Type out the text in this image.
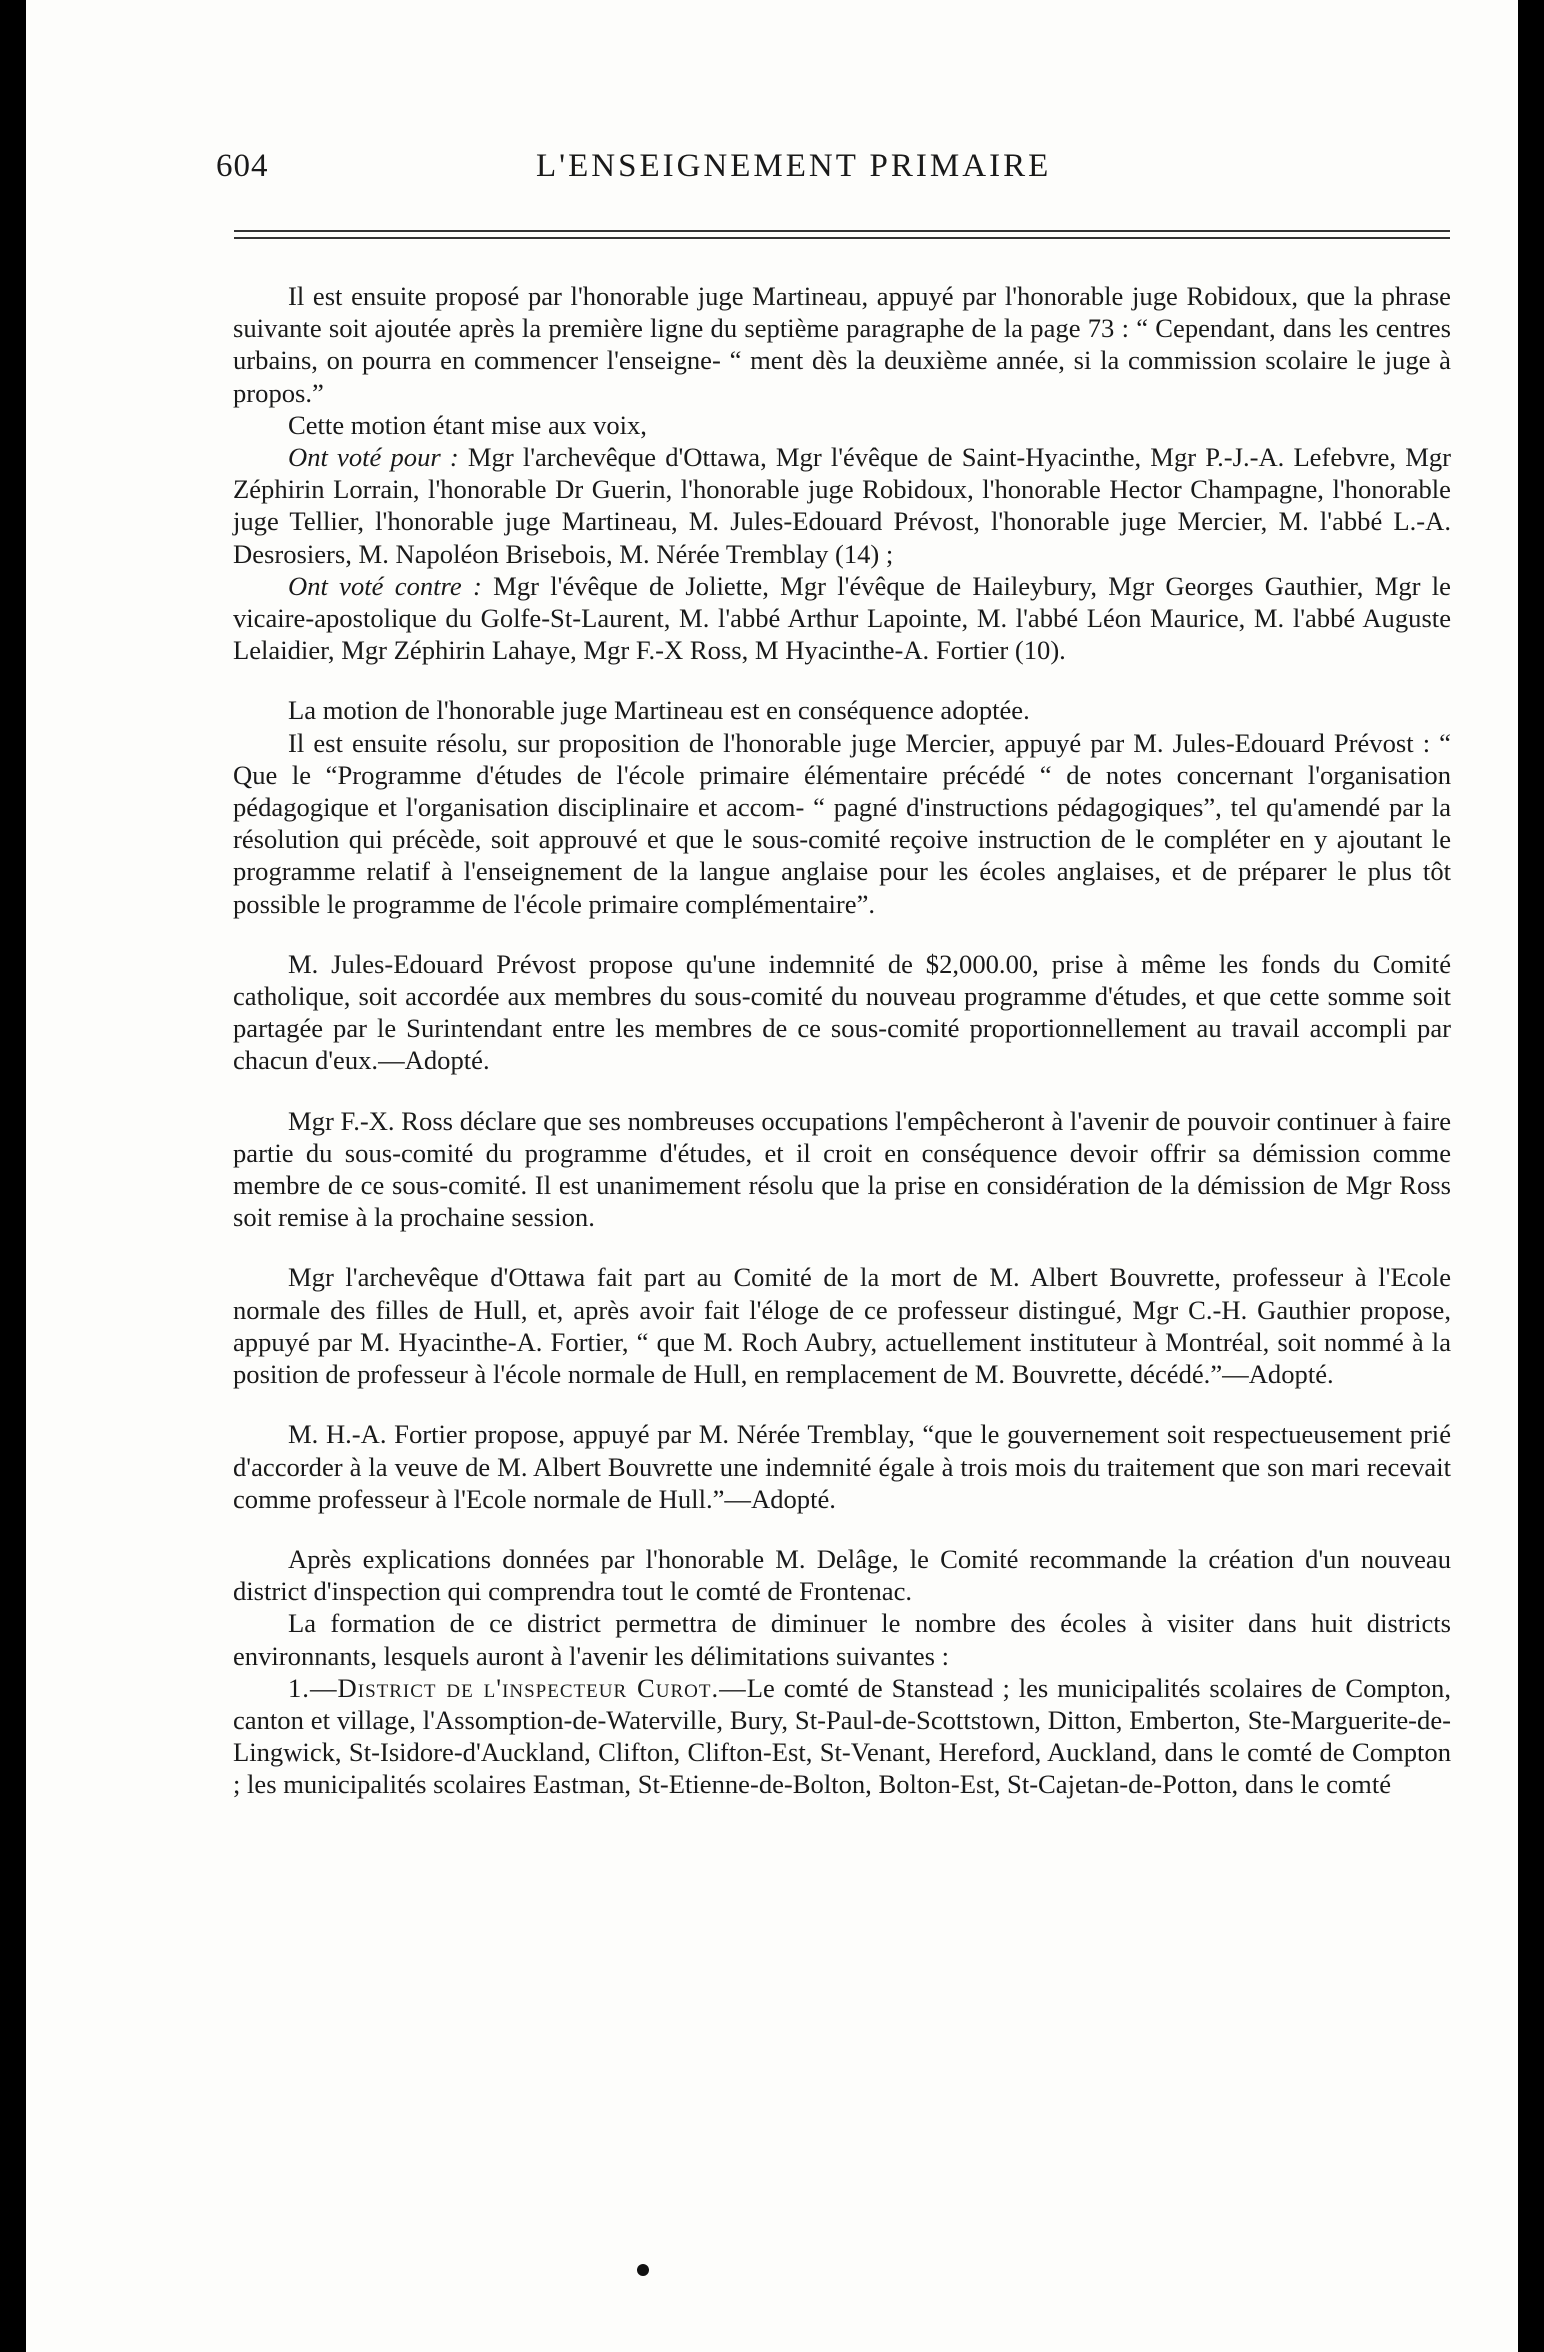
604	L'ENSEIGNEMENT PRIMAIRE

Il est ensuite proposé par l'honorable juge Martineau, appuyé par l'honorable juge Robidoux, que la phrase suivante soit ajoutée après la première ligne du septième paragraphe de la page 73 : “ Cependant, dans les centres urbains, on pourra en commencer l'enseigne- “ ment dès la deuxième année, si la commission scolaire le juge à propos.”

Cette motion étant mise aux voix,

Ont voté pour : Mgr l'archevêque d'Ottawa, Mgr l'évêque de Saint-Hyacinthe, Mgr P.-J.-A. Lefebvre, Mgr Zéphirin Lorrain, l'honorable Dr Guerin, l'honorable juge Robidoux, l'honorable Hector Champagne, l'honorable juge Tellier, l'honorable juge Martineau, M. Jules-Edouard Prévost, l'honorable juge Mercier, M. l'abbé L.-A. Desrosiers, M. Napoléon Brisebois, M. Nérée Tremblay (14) ;

Ont voté contre : Mgr l'évêque de Joliette, Mgr l'évêque de Haileybury, Mgr Georges Gauthier, Mgr le vicaire-apostolique du Golfe-St-Laurent, M. l'abbé Arthur Lapointe, M. l'abbé Léon Maurice, M. l'abbé Auguste Lelaidier, Mgr Zéphirin Lahaye, Mgr F.-X Ross, M Hyacinthe-A. Fortier (10).

La motion de l'honorable juge Martineau est en conséquence adoptée.

Il est ensuite résolu, sur proposition de l'honorable juge Mercier, appuyé par M. Jules-Edouard Prévost : “ Que le “Programme d'études de l'école primaire élémentaire précédé “ de notes concernant l'organisation pédagogique et l'organisation disciplinaire et accom- “ pagné d'instructions pédagogiques”, tel qu'amendé par la résolution qui précède, soit approuvé et que le sous-comité reçoive instruction de le compléter en y ajoutant le programme relatif à l'enseignement de la langue anglaise pour les écoles anglaises, et de préparer le plus tôt possible le programme de l'école primaire complémentaire”.

M. Jules-Edouard Prévost propose qu'une indemnité de $2,000.00, prise à même les fonds du Comité catholique, soit accordée aux membres du sous-comité du nouveau programme d'études, et que cette somme soit partagée par le Surintendant entre les membres de ce sous-comité proportionnellement au travail accompli par chacun d'eux.—Adopté.

Mgr F.-X. Ross déclare que ses nombreuses occupations l'empêcheront à l'avenir de pouvoir continuer à faire partie du sous-comité du programme d'études, et il croit en conséquence devoir offrir sa démission comme membre de ce sous-comité. Il est unanimement résolu que la prise en considération de la démission de Mgr Ross soit remise à la prochaine session.

Mgr l'archevêque d'Ottawa fait part au Comité de la mort de M. Albert Bouvrette, professeur à l'Ecole normale des filles de Hull, et, après avoir fait l'éloge de ce professeur distingué, Mgr C.-H. Gauthier propose, appuyé par M. Hyacinthe-A. Fortier, “ que M. Roch Aubry, actuellement instituteur à Montréal, soit nommé à la position de professeur à l'école normale de Hull, en remplacement de M. Bouvrette, décédé.”—Adopté.

M. H.-A. Fortier propose, appuyé par M. Nérée Tremblay, “que le gouvernement soit respectueusement prié d'accorder à la veuve de M. Albert Bouvrette une indemnité égale à trois mois du traitement que son mari recevait comme professeur à l'Ecole normale de Hull.”—Adopté.

Après explications données par l'honorable M. Delâge, le Comité recommande la création d'un nouveau district d'inspection qui comprendra tout le comté de Frontenac.

La formation de ce district permettra de diminuer le nombre des écoles à visiter dans huit districts environnants, lesquels auront à l'avenir les délimitations suivantes :

1.—District de l'inspecteur Curot.—Le comté de Stanstead ; les municipalités scolaires de Compton, canton et village, l'Assomption-de-Waterville, Bury, St-Paul-de-Scottstown, Ditton, Emberton, Ste-Marguerite-de-Lingwick, St-Isidore-d'Auckland, Clifton, Clifton-Est, St-Venant, Hereford, Auckland, dans le comté de Compton ; les municipalités scolaires Eastman, St-Etienne-de-Bolton, Bolton-Est, St-Cajetan-de-Potton, dans le comté
